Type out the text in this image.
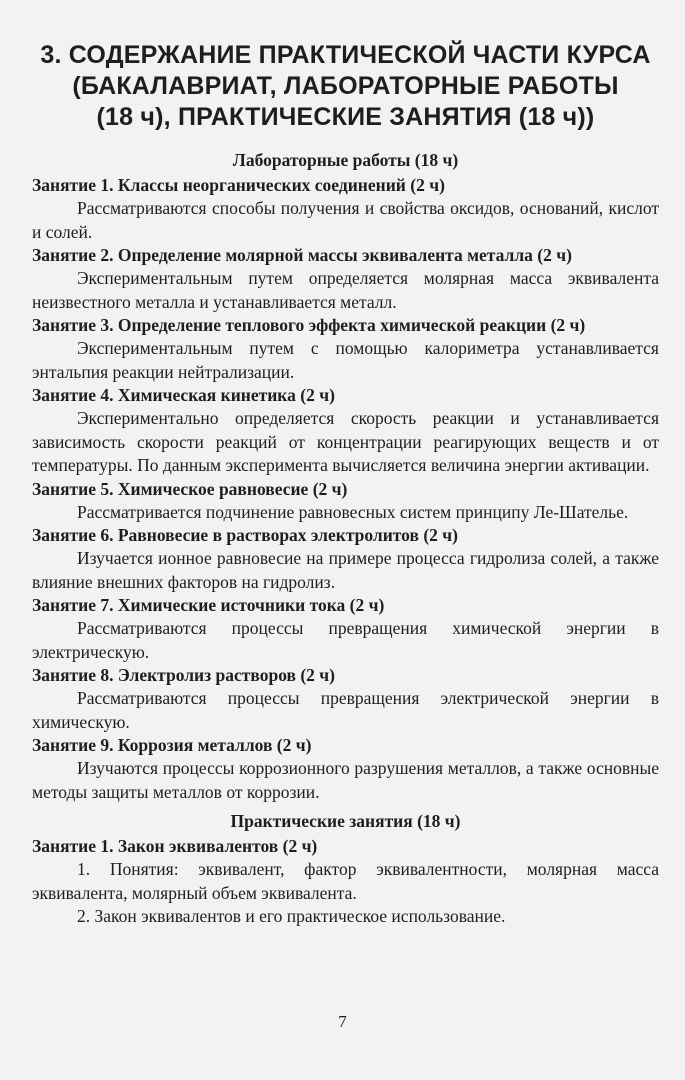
3. СОДЕРЖАНИЕ ПРАКТИЧЕСКОЙ ЧАСТИ КУРСА
(БАКАЛАВРИАТ, ЛАБОРАТОРНЫЕ РАБОТЫ
(18 ч), ПРАКТИЧЕСКИЕ ЗАНЯТИЯ (18 ч))
Лабораторные работы (18 ч)
Занятие 1. Классы неорганических соединений (2 ч)
Рассматриваются способы получения и свойства оксидов, оснований, кислот и солей.
Занятие 2. Определение молярной массы эквивалента металла (2 ч)
Экспериментальным путем определяется молярная масса эквивалента неизвестного металла и устанавливается металл.
Занятие 3. Определение теплового эффекта химической реакции (2 ч)
Экспериментальным путем с помощью калориметра устанавливается энтальпия реакции нейтрализации.
Занятие 4. Химическая кинетика (2 ч)
Экспериментально определяется скорость реакции и устанавливается зависимость скорости реакций от концентрации реагирующих веществ и от температуры. По данным эксперимента вычисляется величина энергии активации.
Занятие 5. Химическое равновесие (2 ч)
Рассматривается подчинение равновесных систем принципу Ле-Шателье.
Занятие 6. Равновесие в растворах электролитов (2 ч)
Изучается ионное равновесие на примере процесса гидролиза солей, а также влияние внешних факторов на гидролиз.
Занятие 7. Химические источники тока (2 ч)
Рассматриваются процессы превращения химической энергии в электрическую.
Занятие 8. Электролиз растворов (2 ч)
Рассматриваются процессы превращения электрической энергии в химическую.
Занятие 9. Коррозия металлов (2 ч)
Изучаются процессы коррозионного разрушения металлов, а также основные методы защиты металлов от коррозии.
Практические занятия (18 ч)
Занятие 1. Закон эквивалентов (2 ч)

1. Понятия: эквивалент, фактор эквивалентности, молярная масса эквивалента, молярный объем эквивалента.

2. Закон эквивалентов и его практическое использование.

7
